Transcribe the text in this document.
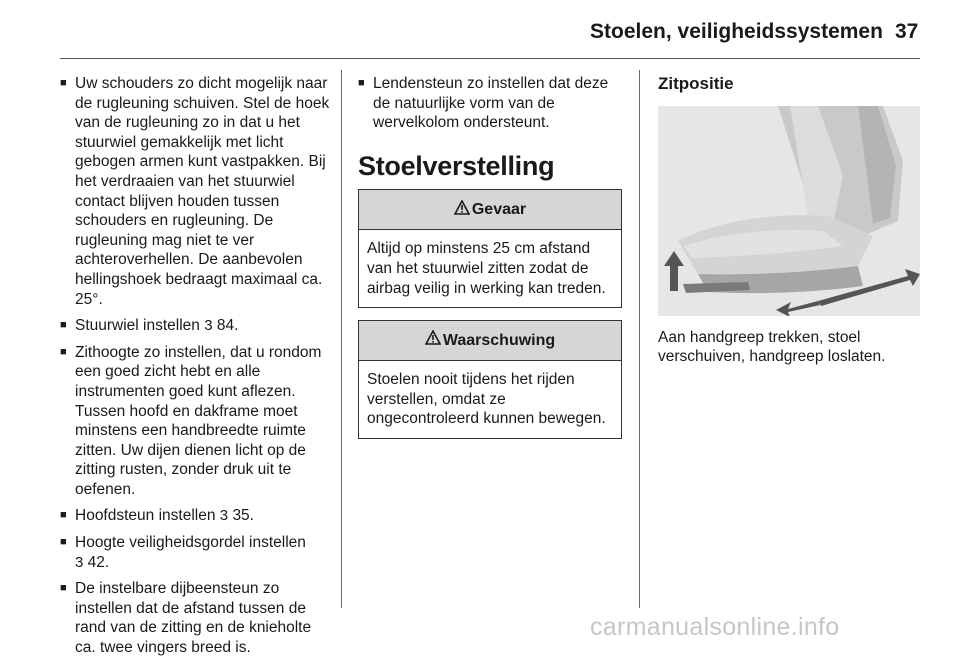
Stoelen, veiligheidssystemen 37
■ Uw schouders zo dicht mogelijk naar de rugleuning schuiven. Stel de hoek van de rugleuning zo in dat u het stuurwiel gemakkelijk met licht gebogen armen kunt vastpakken. Bij het verdraaien van het stuurwiel contact blijven houden tussen schouders en rugleuning. De rugleuning mag niet te ver achteroverhellen. De aanbevolen hellingshoek bedraagt maximaal ca. 25°.
■ Stuurwiel instellen 3 84.
■ Zithoogte zo instellen, dat u rondom een goed zicht hebt en alle instrumenten goed kunt aflezen. Tussen hoofd en dakframe moet minstens een handbreedte ruimte zitten. Uw dijen dienen licht op de zitting rusten, zonder druk uit te oefenen.
■ Hoofdsteun instellen 3 35.
■ Hoogte veiligheidsgordel instellen
3 42.
■ De instelbare dijbeensteun zo instellen dat de afstand tussen de rand van de zitting en de knieholte ca. twee vingers breed is.
■ Lendensteun zo instellen dat deze de natuurlijke vorm van de wervelkolom ondersteunt.
Stoelverstelling
Gevaar
Altijd op minstens 25 cm afstand van het stuurwiel zitten zodat de airbag veilig in werking kan treden.
Waarschuwing
Stoelen nooit tijdens het rijden verstellen, omdat ze ongecontroleerd kunnen bewegen.
Zitpositie
Aan handgreep trekken, stoel verschuiven, handgreep loslaten.
carmanualsonline.info
